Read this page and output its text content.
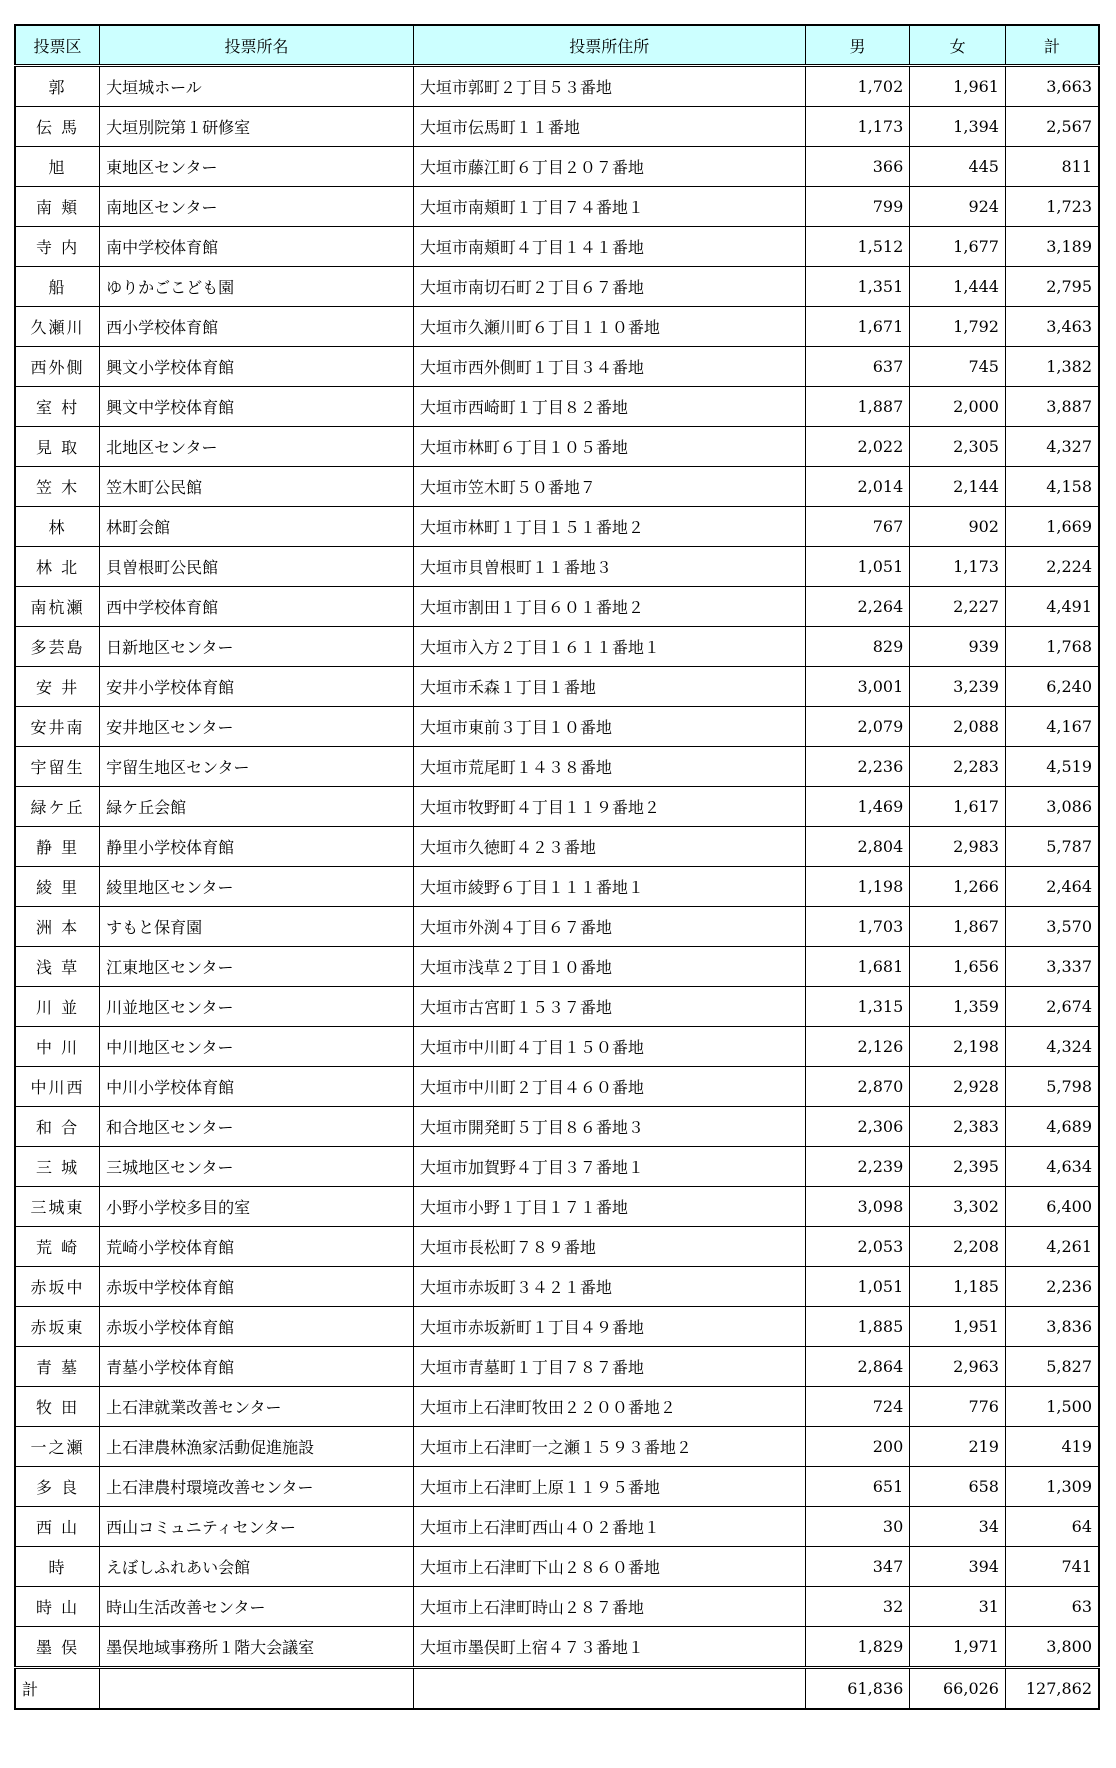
投票区	投票所名	投票所住所	男	女	計
郭	大垣城ホール	大垣市郭町２丁目５３番地	1,702	1,961	3,663
伝 馬	大垣別院第１研修室	大垣市伝馬町１１番地	1,173	1,394	2,567
旭	東地区センター	大垣市藤江町６丁目２０７番地	366	445	811
南 頬	南地区センター	大垣市南頬町１丁目７４番地１	799	924	1,723
寺 内	南中学校体育館	大垣市南頬町４丁目１４１番地	1,512	1,677	3,189
船	ゆりかごこども園	大垣市南切石町２丁目６７番地	1,351	1,444	2,795
久瀬川	西小学校体育館	大垣市久瀬川町６丁目１１０番地	1,671	1,792	3,463
西外側	興文小学校体育館	大垣市西外側町１丁目３４番地	637	745	1,382
室 村	興文中学校体育館	大垣市西崎町１丁目８２番地	1,887	2,000	3,887
見 取	北地区センター	大垣市林町６丁目１０５番地	2,022	2,305	4,327
笠 木	笠木町公民館	大垣市笠木町５０番地７	2,014	2,144	4,158
林	林町会館	大垣市林町１丁目１５１番地２	767	902	1,669
林 北	貝曽根町公民館	大垣市貝曽根町１１番地３	1,051	1,173	2,224
南杭瀬	西中学校体育館	大垣市割田１丁目６０１番地２	2,264	2,227	4,491
多芸島	日新地区センター	大垣市入方２丁目１６１１番地１	829	939	1,768
安 井	安井小学校体育館	大垣市禾森１丁目１番地	3,001	3,239	6,240
安井南	安井地区センター	大垣市東前３丁目１０番地	2,079	2,088	4,167
宇留生	宇留生地区センター	大垣市荒尾町１４３８番地	2,236	2,283	4,519
緑ケ丘	緑ケ丘会館	大垣市牧野町４丁目１１９番地２	1,469	1,617	3,086
静 里	静里小学校体育館	大垣市久徳町４２３番地	2,804	2,983	5,787
綾 里	綾里地区センター	大垣市綾野６丁目１１１番地１	1,198	1,266	2,464
洲 本	すもと保育園	大垣市外渕４丁目６７番地	1,703	1,867	3,570
浅 草	江東地区センター	大垣市浅草２丁目１０番地	1,681	1,656	3,337
川 並	川並地区センター	大垣市古宮町１５３７番地	1,315	1,359	2,674
中 川	中川地区センター	大垣市中川町４丁目１５０番地	2,126	2,198	4,324
中川西	中川小学校体育館	大垣市中川町２丁目４６０番地	2,870	2,928	5,798
和 合	和合地区センター	大垣市開発町５丁目８６番地３	2,306	2,383	4,689
三 城	三城地区センター	大垣市加賀野４丁目３７番地１	2,239	2,395	4,634
三城東	小野小学校多目的室	大垣市小野１丁目１７１番地	3,098	3,302	6,400
荒 崎	荒崎小学校体育館	大垣市長松町７８９番地	2,053	2,208	4,261
赤坂中	赤坂中学校体育館	大垣市赤坂町３４２１番地	1,051	1,185	2,236
赤坂東	赤坂小学校体育館	大垣市赤坂新町１丁目４９番地	1,885	1,951	3,836
青 墓	青墓小学校体育館	大垣市青墓町１丁目７８７番地	2,864	2,963	5,827
牧 田	上石津就業改善センター	大垣市上石津町牧田２２００番地２	724	776	1,500
一之瀬	上石津農林漁家活動促進施設	大垣市上石津町一之瀬１５９３番地２	200	219	419
多 良	上石津農村環境改善センター	大垣市上石津町上原１１９５番地	651	658	1,309
西 山	西山コミュニティセンター	大垣市上石津町西山４０２番地１	30	34	64
時	えぼしふれあい会館	大垣市上石津町下山２８６０番地	347	394	741
時 山	時山生活改善センター	大垣市上石津町時山２８７番地	32	31	63
墨 俣	墨俣地域事務所１階大会議室	大垣市墨俣町上宿４７３番地１	1,829	1,971	3,800
計			61,836	66,026	127,862
